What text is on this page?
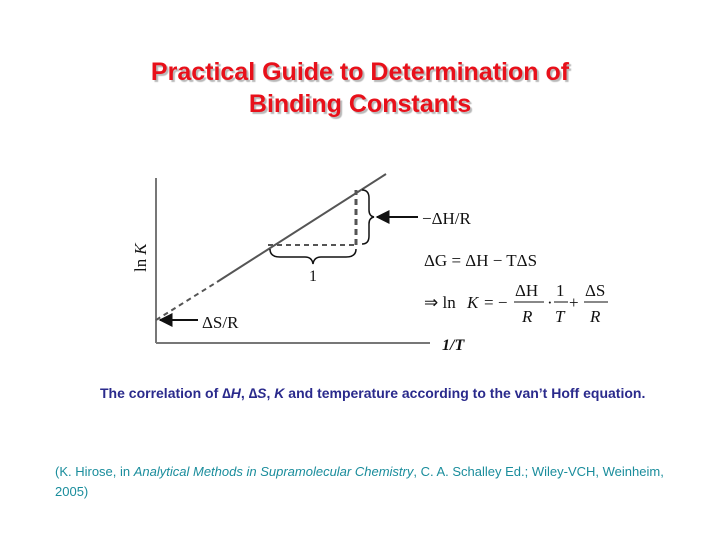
Practical Guide to Determination of
Binding Constants
1
−ΔH/R
ΔS/R
lnK
1/T
ΔG = ΔH − TΔS
⇒ ln K = −
ΔH
R
·
1
T
+
ΔS
R
The correlation of ∆H, ∆S, K and temperature according to the van’t Hoff equation.
(K. Hirose, in Analytical Methods in Supramolecular Chemistry, C. A. Schalley Ed.; Wiley-VCH, Weinheim, 2005)
